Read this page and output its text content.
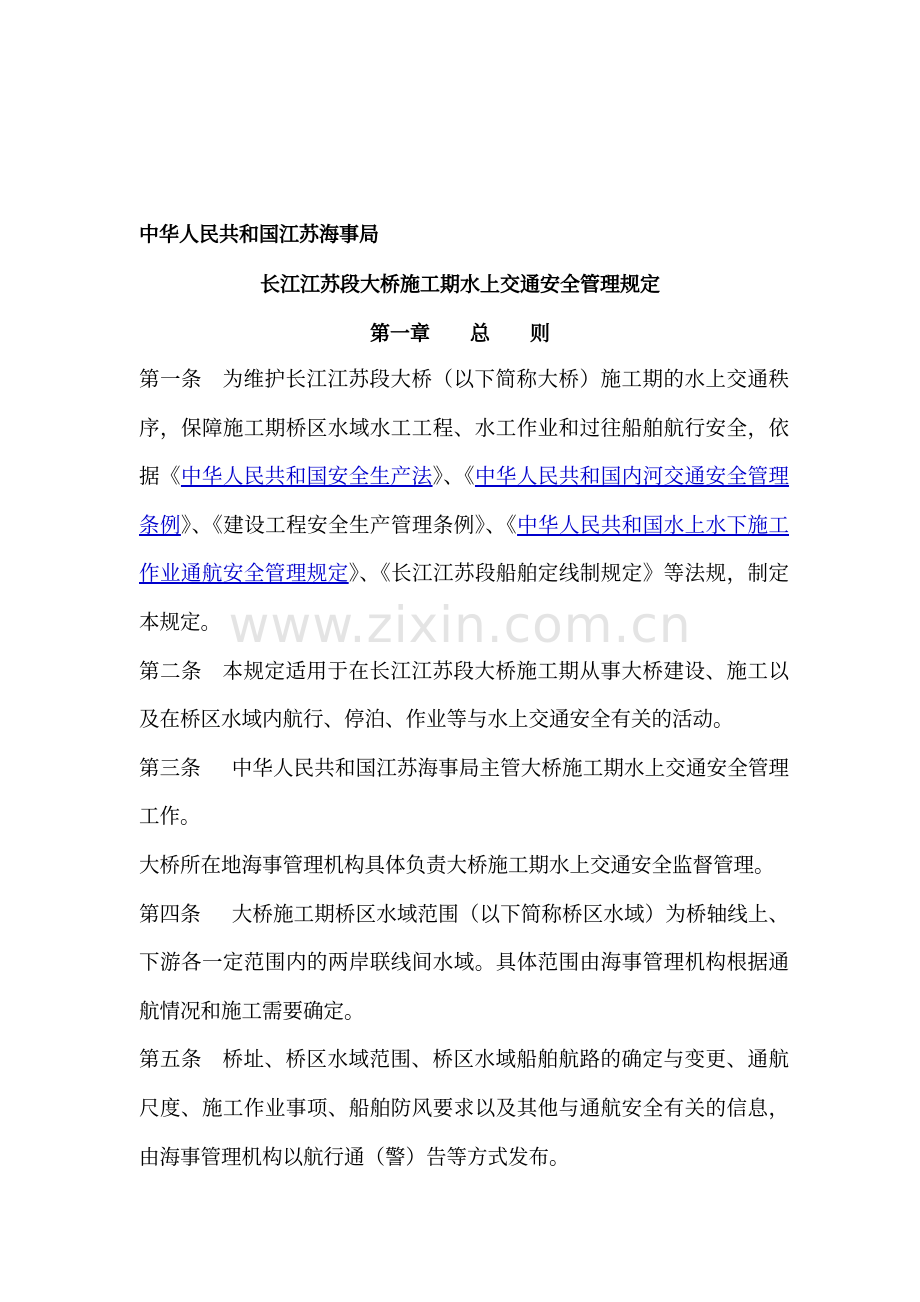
中华人民共和国江苏海事局
长江江苏段大桥施工期水上交通安全管理规定
第一章　　总　　则

第一条 为维护长江江苏段大桥（以下简称大桥）施工期的水上交通秩序，保障施工期桥区水域水工工程、水工作业和过往船舶航行安全，依据《中华人民共和国安全生产法》、《中华人民共和国内河交通安全管理条例》、《建设工程安全生产管理条例》、《中华人民共和国水上水下施工作业通航安全管理规定》、《长江江苏段船舶定线制规定》等法规，制定本规定。

第二条 本规定适用于在长江江苏段大桥施工期从事大桥建设、施工以及在桥区水域内航行、停泊、作业等与水上交通安全有关的活动。

第三条 中华人民共和国江苏海事局主管大桥施工期水上交通安全管理工作。

大桥所在地海事管理机构具体负责大桥施工期水上交通安全监督管理。

第四条 大桥施工期桥区水域范围（以下简称桥区水域）为桥轴线上、下游各一定范围内的两岸联线间水域。具体范围由海事管理机构根据通航情况和施工需要确定。

第五条 桥址、桥区水域范围、桥区水域船舶航路的确定与变更、通航尺度、施工作业事项、船舶防风要求以及其他与通航安全有关的信息，由海事管理机构以航行通（警）告等方式发布。

www.zixin.com.cn
